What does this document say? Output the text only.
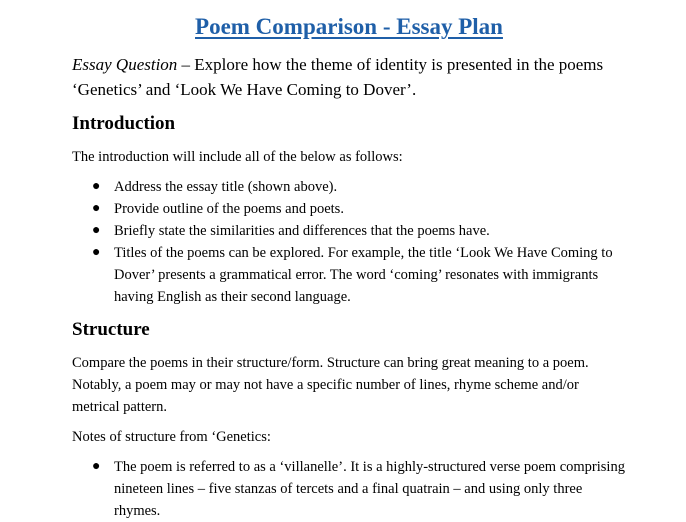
Poem Comparison - Essay Plan

Essay Question – Explore how the theme of identity is presented in the poems ‘Genetics’ and ‘Look We Have Coming to Dover’.

Introduction

The introduction will include all of the below as follows:

● Address the essay title (shown above).
● Provide outline of the poems and poets.
● Briefly state the similarities and differences that the poems have.
● Titles of the poems can be explored. For example, the title ‘Look We Have Coming to Dover’ presents a grammatical error. The word ‘coming’ resonates with immigrants having English as their second language.
Structure

Compare the poems in their structure/form. Structure can bring great meaning to a poem. Notably, a poem may or may not have a specific number of lines, rhyme scheme and/or metrical pattern.

Notes of structure from ‘Genetics:

● The poem is referred to as a ‘villanelle’. It is a highly-structured verse poem comprising nineteen lines – five stanzas of tercets and a final quatrain – and using only three rhymes.
